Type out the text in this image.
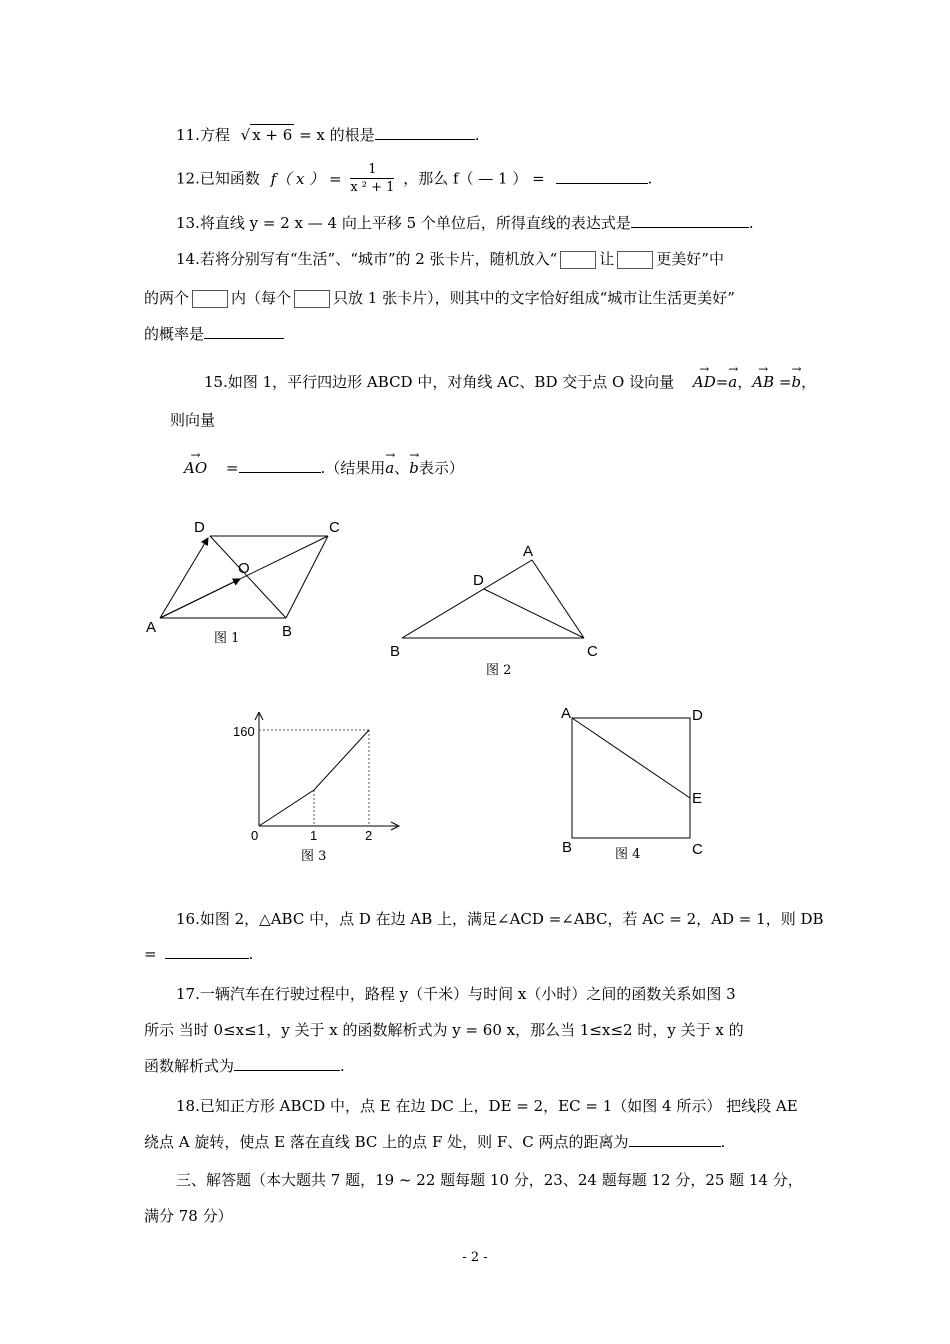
11.方程 √ x + 6 = x 的根是	.
12.已知函数 f（ x ） = $\frac{1}{\text{x ² + 1}}$ ，那么 f（ — 1 ） =	.
13.将直线 y = 2 x — 4 向上平移 5 个单位后，所得直线的表达式是	.
14.若将分别写有“生活”、“城市”的 2 张卡片，随机放入“	让	更美好”中
的两个	内（每个	只放 1 张卡片），则其中的文字恰好组成“城市让生活更美好”
的概率是
15.如图 1，平行四边形 ABCD 中，对角线 AC、BD 交于点 O 设向量 → AD=→ a，→ AB =→ b，
则向量
→ AO =	.（结果用→ a、→ b表示）
D	C
O
A	B
图 1
A
D
B	C
图 2
160
0	1	2
图 3
A	D
E
B	C
图 4
16.如图 2，△ABC 中，点 D 在边 AB 上，满足∠ACD =∠ABC，若 AC = 2，AD = 1，则 DB
=	.
17.一辆汽车在行驶过程中，路程 y（千米）与时间 x（小时）之间的函数关系如图 3
所示 当时 0≤x≤1，y 关于 x 的函数解析式为 y = 60 x，那么当 1≤x≤2 时，y 关于 x 的
函数解析式为	.
18.已知正方形 ABCD 中，点 E 在边 DC 上，DE = 2，EC = 1（如图 4 所示） 把线段 AE
绕点 A 旋转，使点 E 落在直线 BC 上的点 F 处，则 F、C 两点的距离为	.
三、解答题（本大题共 7 题，19 ~ 22 题每题 10 分，23、24 题每题 12 分，25 题 14 分，
满分 78 分）
- 2 -
